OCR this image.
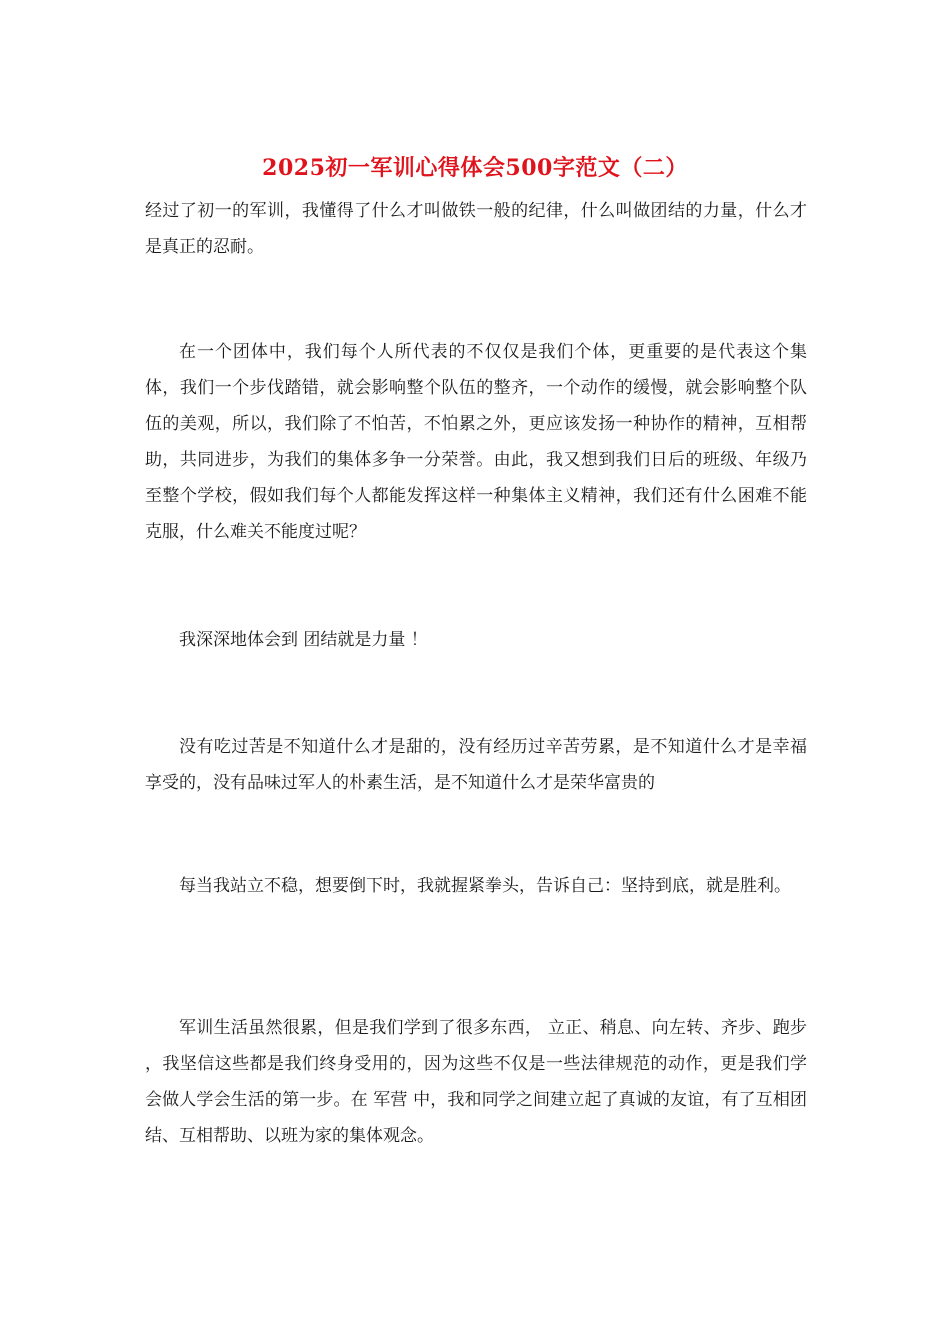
2025初一军训心得体会500字范文（二）

经过了初一的军训，我懂得了什么才叫做铁一般的纪律，什么叫做团结的力量，什么才是真正的忍耐。

在一个团体中，我们每个人所代表的不仅仅是我们个体，更重要的是代表这个集体，我们一个步伐踏错，就会影响整个队伍的整齐，一个动作的缓慢，就会影响整个队伍的美观，所以，我们除了不怕苦，不怕累之外，更应该发扬一种协作的精神，互相帮助，共同进步，为我们的集体多争一分荣誉。由此，我又想到我们日后的班级、年级乃至整个学校，假如我们每个人都能发挥这样一种集体主义精神，我们还有什么困难不能克服，什么难关不能度过呢？

我深深地体会到 团结就是力量 ！

没有吃过苦是不知道什么才是甜的，没有经历过辛苦劳累，是不知道什么才是幸福享受的，没有品味过军人的朴素生活，是不知道什么才是荣华富贵的

每当我站立不稳，想要倒下时，我就握紧拳头，告诉自己：坚持到底，就是胜利。

军训生活虽然很累，但是我们学到了很多东西， 立正、稍息、向左转、齐步、跑步 ，我坚信这些都是我们终身受用的，因为这些不仅是一些法律规范的动作，更是我们学会做人学会生活的第一步。在 军营 中，我和同学之间建立起了真诚的友谊，有了互相团结、互相帮助、以班为家的集体观念。
